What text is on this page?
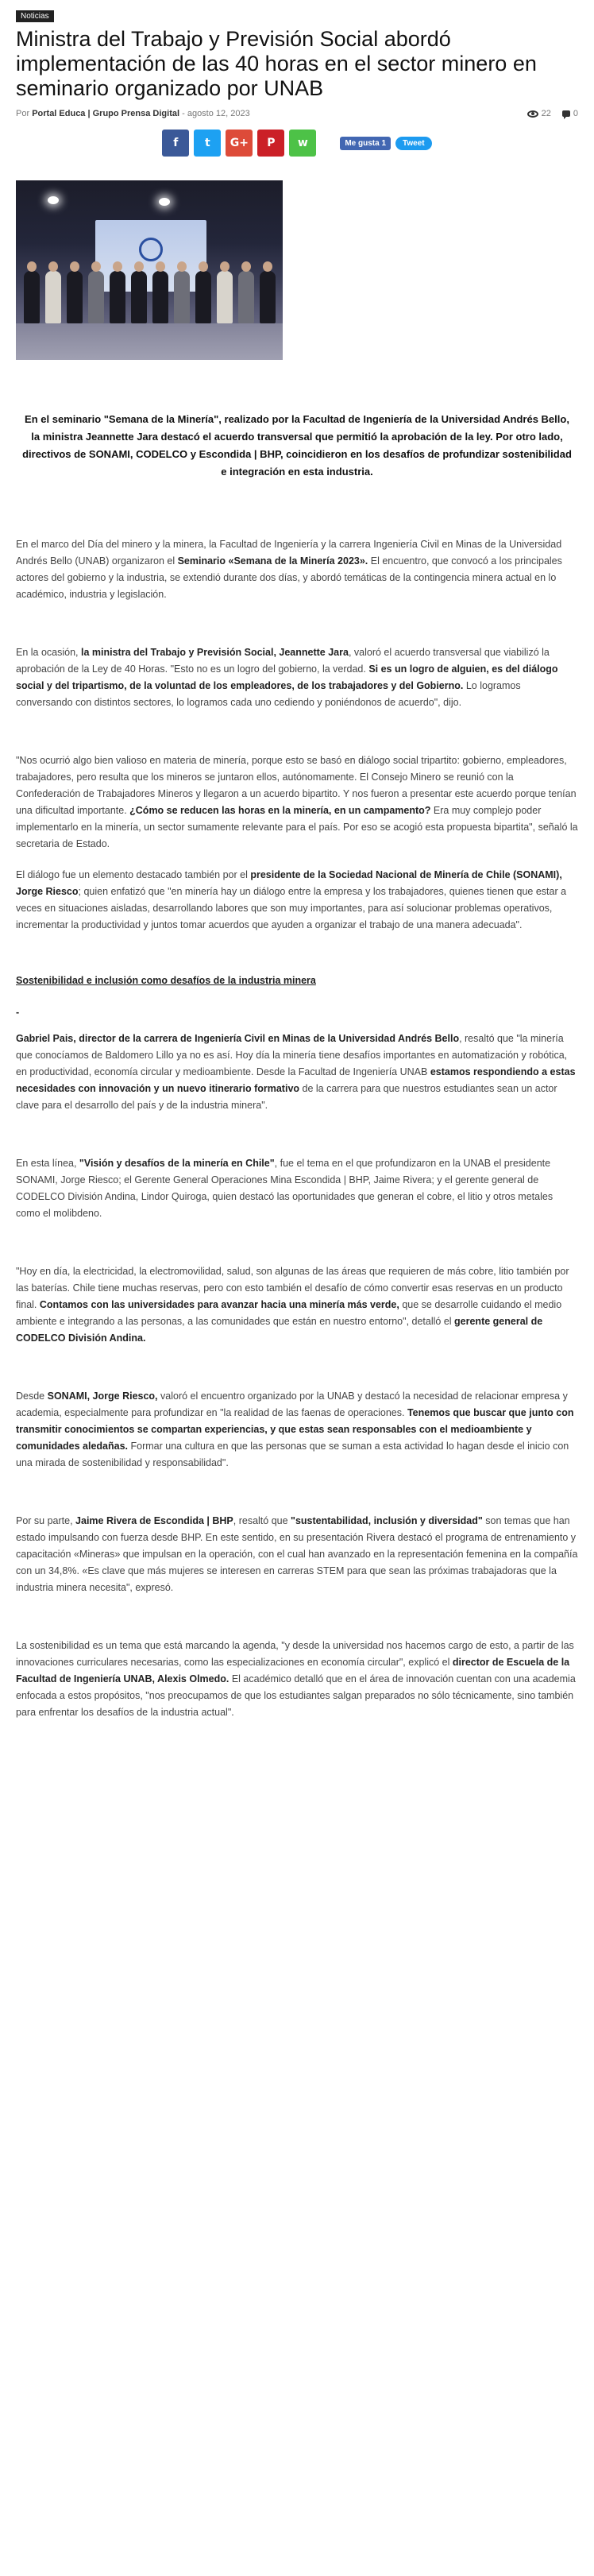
Noticias
Ministra del Trabajo y Previsión Social abordó implementación de las 40 horas en el sector minero en seminario organizado por UNAB
Por Portal Educa | Grupo Prensa Digital - agosto 12, 2023	22	0
f	t	G+	P	w	Me gusta 1	Tweet
En el seminario "Semana de la Minería", realizado por la Facultad de Ingeniería de la Universidad Andrés Bello, la ministra Jeannette Jara destacó el acuerdo transversal que permitió la aprobación de la ley. Por otro lado, directivos de SONAMI, CODELCO y Escondida | BHP, coincidieron en los desafíos de profundizar sostenibilidad e integración en esta industria.

En el marco del Día del minero y la minera, la Facultad de Ingeniería y la carrera Ingeniería Civil en Minas de la Universidad Andrés Bello (UNAB) organizaron el Seminario «Semana de la Minería 2023». El encuentro, que convocó a los principales actores del gobierno y la industria, se extendió durante dos días, y abordó temáticas de la contingencia minera actual en lo académico, industria y legislación.

En la ocasión, la ministra del Trabajo y Previsión Social, Jeannette Jara, valoró el acuerdo transversal que viabilizó la aprobación de la Ley de 40 Horas. "Esto no es un logro del gobierno, la verdad. Si es un logro de alguien, es del diálogo social y del tripartismo, de la voluntad de los empleadores, de los trabajadores y del Gobierno. Lo logramos conversando con distintos sectores, lo logramos cada uno cediendo y poniéndonos de acuerdo", dijo.

"Nos ocurrió algo bien valioso en materia de minería, porque esto se basó en diálogo social tripartito: gobierno, empleadores, trabajadores, pero resulta que los mineros se juntaron ellos, autónomamente. El Consejo Minero se reunió con la Confederación de Trabajadores Mineros y llegaron a un acuerdo bipartito. Y nos fueron a presentar este acuerdo porque tenían una dificultad importante. ¿Cómo se reducen las horas en la minería, en un campamento? Era muy complejo poder implementarlo en la minería, un sector sumamente relevante para el país. Por eso se acogió esta propuesta bipartita", señaló la secretaria de Estado.

El diálogo fue un elemento destacado también por el presidente de la Sociedad Nacional de Minería de Chile (SONAMI), Jorge Riesco; quien enfatizó que "en minería hay un diálogo entre la empresa y los trabajadores, quienes tienen que estar a veces en situaciones aisladas, desarrollando labores que son muy importantes, para así solucionar problemas operativos, incrementar la productividad y juntos tomar acuerdos que ayuden a organizar el trabajo de una manera adecuada".

Sostenibilidad e inclusión como desafíos de la industria minera
-

Gabriel Pais, director de la carrera de Ingeniería Civil en Minas de la Universidad Andrés Bello, resaltó que "la minería que conocíamos de Baldomero Lillo ya no es así. Hoy día la minería tiene desafíos importantes en automatización y robótica, en productividad, economía circular y medioambiente. Desde la Facultad de Ingeniería UNAB estamos respondiendo a estas necesidades con innovación y un nuevo itinerario formativo de la carrera para que nuestros estudiantes sean un actor clave para el desarrollo del país y de la industria minera".

En esta línea, "Visión y desafíos de la minería en Chile", fue el tema en el que profundizaron en la UNAB el presidente SONAMI, Jorge Riesco; el Gerente General Operaciones Mina Escondida | BHP, Jaime Rivera; y el gerente general de CODELCO División Andina, Lindor Quiroga, quien destacó las oportunidades que generan el cobre, el litio y otros metales como el molibdeno.

"Hoy en día, la electricidad, la electromovilidad, salud, son algunas de las áreas que requieren de más cobre, litio también por las baterías. Chile tiene muchas reservas, pero con esto también el desafío de cómo convertir esas reservas en un producto final. Contamos con las universidades para avanzar hacia una minería más verde, que se desarrolle cuidando el medio ambiente e integrando a las personas, a las comunidades que están en nuestro entorno", detalló el gerente general de CODELCO División Andina.

Desde SONAMI, Jorge Riesco, valoró el encuentro organizado por la UNAB y destacó la necesidad de relacionar empresa y academia, especialmente para profundizar en "la realidad de las faenas de operaciones. Tenemos que buscar que junto con transmitir conocimientos se compartan experiencias, y que estas sean responsables con el medioambiente y comunidades aledañas. Formar una cultura en que las personas que se suman a esta actividad lo hagan desde el inicio con una mirada de sostenibilidad y responsabilidad".

Por su parte, Jaime Rivera de Escondida | BHP, resaltó que "sustentabilidad, inclusión y diversidad" son temas que han estado impulsando con fuerza desde BHP. En este sentido, en su presentación Rivera destacó el programa de entrenamiento y capacitación «Mineras» que impulsan en la operación, con el cual han avanzado en la representación femenina en la compañía con un 34,8%. «Es clave que más mujeres se interesen en carreras STEM para que sean las próximas trabajadoras que la industria minera necesita", expresó.

La sostenibilidad es un tema que está marcando la agenda, "y desde la universidad nos hacemos cargo de esto, a partir de las innovaciones curriculares necesarias, como las especializaciones en economía circular", explicó el director de Escuela de la Facultad de Ingeniería UNAB, Alexis Olmedo. El académico detalló que en el área de innovación cuentan con una academia enfocada a estos propósitos, "nos preocupamos de que los estudiantes salgan preparados no sólo técnicamente, sino también para enfrentar los desafíos de la industria actual".
